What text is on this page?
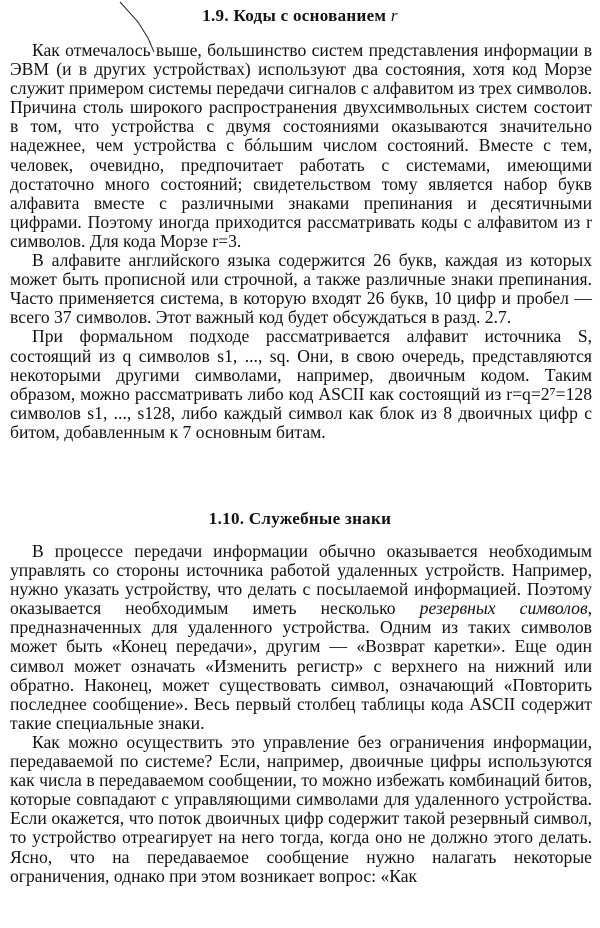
1.9. Коды с основанием r

Как отмечалось выше, большинство систем представления информации в ЭВМ (и в других устройствах) используют два состояния, хотя код Морзе служит примером системы передачи сигналов с алфавитом из трех символов. Причина столь широкого распространения двухсимвольных систем состоит в том, что устройства с двумя состояниями оказываются значительно надежнее, чем устройства с бóльшим числом состояний. Вместе с тем, человек, очевидно, предпочитает работать с системами, имеющими достаточно много состояний; свидетельством тому является набор букв алфавита вместе с различными знаками препинания и десятичными цифрами. Поэтому иногда приходится рассматривать коды с алфавитом из r символов. Для кода Морзе r=3.

В алфавите английского языка содержится 26 букв, каждая из которых может быть прописной или строчной, а также различные знаки препинания. Часто применяется система, в которую входят 26 букв, 10 цифр и пробел — всего 37 символов. Этот важный код будет обсуждаться в разд. 2.7.

При формальном подходе рассматривается алфавит источника S, состоящий из q символов s1, ..., sq. Они, в свою очередь, представляются некоторыми другими символами, например, двоичным кодом. Таким образом, можно рассматривать либо код ASCII как состоящий из r=q=2⁷=128 символов s1, ..., s128, либо каждый символ как блок из 8 двоичных цифр с битом, добавленным к 7 основным битам.

1.10. Служебные знаки

В процессе передачи информации обычно оказывается необходимым управлять со стороны источника работой удаленных устройств. Например, нужно указать устройству, что делать с посылаемой информацией. Поэтому оказывается необходимым иметь несколько резервных символов, предназначенных для удаленного устройства. Одним из таких символов может быть «Конец передачи», другим — «Возврат каретки». Еще один символ может означать «Изменить регистр» с верхнего на нижний или обратно. Наконец, может существовать символ, означающий «Повторить последнее сообщение». Весь первый столбец таблицы кода ASCII содержит такие специальные знаки.

Как можно осуществить это управление без ограничения информации, передаваемой по системе? Если, например, двоичные цифры используются как числа в передаваемом сообщении, то можно избежать комбинаций битов, которые совпадают с управляющими символами для удаленного устройства. Если окажется, что поток двоичных цифр содержит такой резервный символ, то устройство отреагирует на него тогда, когда оно не должно этого делать. Ясно, что на передаваемое сообщение нужно налагать некоторые ограничения, однако при этом возникает вопрос: «Как
